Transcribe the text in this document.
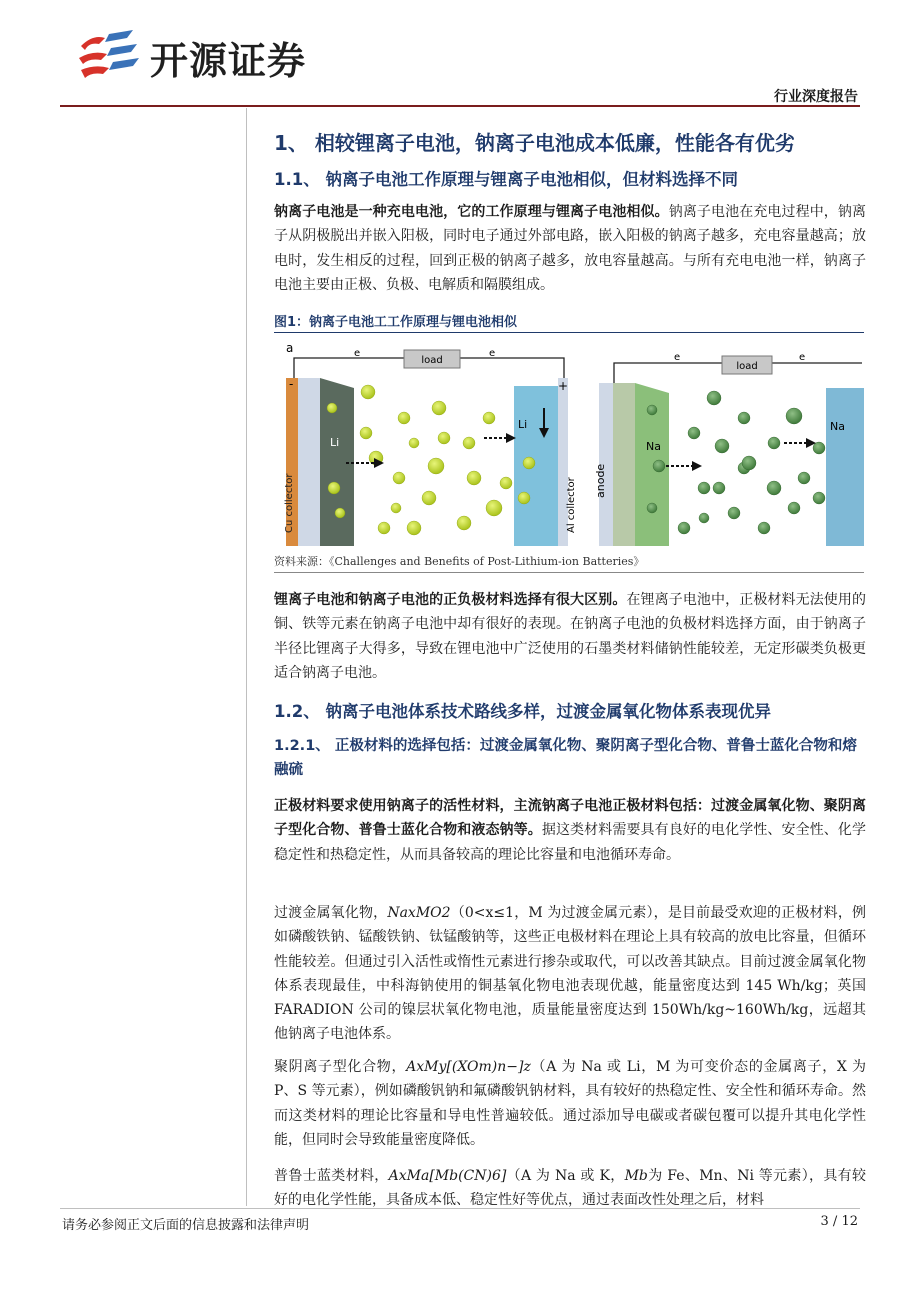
开源证券
行业深度报告
1、 相较锂离子电池，钠离子电池成本低廉，性能各有优劣
1.1、 钠离子电池工作原理与锂离子电池相似，但材料选择不同
钠离子电池是一种充电电池，它的工作原理与锂离子电池相似。钠离子电池在充电过程中，钠离子从阴极脱出并嵌入阳极，同时电子通过外部电路，嵌入阳极的钠离子越多，充电容量越高；放电时，发生相反的过程，回到正极的钠离子越多，放电容量越高。与所有充电电池一样，钠离子电池主要由正极、负极、电解质和隔膜组成。
图1：钠离子电池工工作原理与锂电池相似
a
load
e	e
-
Cu collector
Li
+
Al collector
Li
load
e	e
anode
Na
Na
资料来源：《Challenges and Benefits of Post-Lithium-ion Batteries》
锂离子电池和钠离子电池的正负极材料选择有很大区别。在锂离子电池中，正极材料无法使用的铜、铁等元素在钠离子电池中却有很好的表现。在钠离子电池的负极材料选择方面，由于钠离子半径比锂离子大得多，导致在锂电池中广泛使用的石墨类材料储钠性能较差，无定形碳类负极更适合钠离子电池。
1.2、 钠离子电池体系技术路线多样，过渡金属氧化物体系表现优异
1.2.1、 正极材料的选择包括：过渡金属氧化物、聚阴离子型化合物、普鲁士蓝化合物和熔融硫
正极材料要求使用钠离子的活性材料，主流钠离子电池正极材料包括：过渡金属氧化物、聚阴离子型化合物、普鲁士蓝化合物和液态钠等。据这类材料需要具有良好的电化学性、安全性、化学稳定性和热稳定性，从而具备较高的理论比容量和电池循环寿命。
过渡金属氧化物，NaxMO2（0<x≤1，M 为过渡金属元素），是目前最受欢迎的正极材料，例如磷酸铁钠、锰酸铁钠、钛锰酸钠等，这些正电极材料在理论上具有较高的放电比容量，但循环性能较差。但通过引入活性或惰性元素进行掺杂或取代，可以改善其缺点。目前过渡金属氧化物体系表现最佳，中科海钠使用的铜基氧化物电池表现优越，能量密度达到 145 Wh/kg；英国 FARADION 公司的镍层状氧化物电池，质量能量密度达到 150Wh/kg~160Wh/kg，远超其他钠离子电池体系。
聚阴离子型化合物，AxMy[(XOm)n−]z（A 为 Na 或 Li，M 为可变价态的金属离子，X 为 P、S 等元素），例如磷酸钒钠和氟磷酸钒钠材料，具有较好的热稳定性、安全性和循环寿命。然而这类材料的理论比容量和导电性普遍较低。通过添加导电碳或者碳包覆可以提升其电化学性能，但同时会导致能量密度降低。
普鲁士蓝类材料，AxMa[Mb(CN)6]（A 为 Na 或 K，Mb为 Fe、Mn、Ni 等元素），具有较好的电化学性能，具备成本低、稳定性好等优点，通过表面改性处理之后，材料
请务必参阅正文后面的信息披露和法律声明	3 / 12
